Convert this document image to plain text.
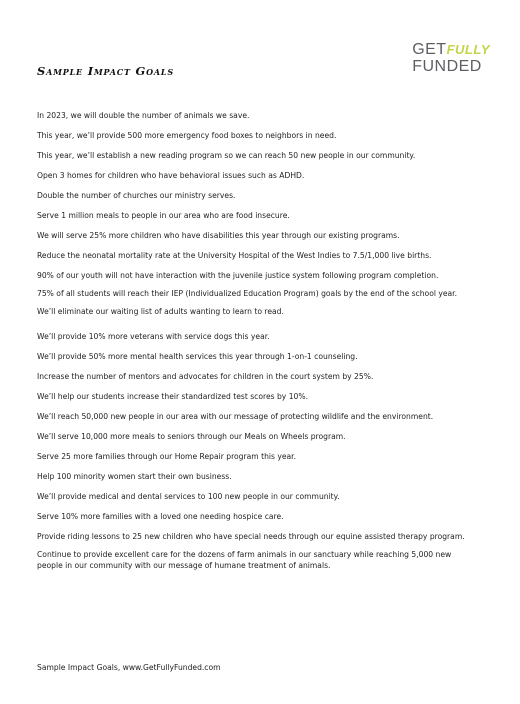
GETFULLY
FUNDED
Sample Impact Goals
In 2023, we will double the number of animals we save.
This year, we’ll provide 500 more emergency food boxes to neighbors in need.
This year, we’ll establish a new reading program so we can reach 50 new people in our community.
Open 3 homes for children who have behavioral issues such as ADHD.
Double the number of churches our ministry serves.
Serve 1 million meals to people in our area who are food insecure.
We will serve 25% more children who have disabilities this year through our existing programs.
Reduce the neonatal mortality rate at the University Hospital of the West Indies to 7.5/1,000 live births.
90% of our youth will not have interaction with the juvenile justice system following program completion.
75% of all students will reach their IEP (Individualized Education Program) goals by the end of the school year.
We’ll eliminate our waiting list of adults wanting to learn to read.
We’ll provide 10% more veterans with service dogs this year.
We’ll provide 50% more mental health services this year through 1-on-1 counseling.
Increase the number of mentors and advocates for children in the court system by 25%.
We’ll help our students increase their standardized test scores by 10%.
We’ll reach 50,000 new people in our area with our message of protecting wildlife and the environment.
We’ll serve 10,000 more meals to seniors through our Meals on Wheels program.
Serve 25 more families through our Home Repair program this year.
Help 100 minority women start their own business.
We’ll provide medical and dental services to 100 new people in our community.
Serve 10% more families with a loved one needing hospice care.
Provide riding lessons to 25 new children who have special needs through our equine assisted therapy program.
Continue to provide excellent care for the dozens of farm animals in our sanctuary while reaching 5,000 new people in our community with our message of humane treatment of animals.
Sample Impact Goals, www.GetFullyFunded.com
